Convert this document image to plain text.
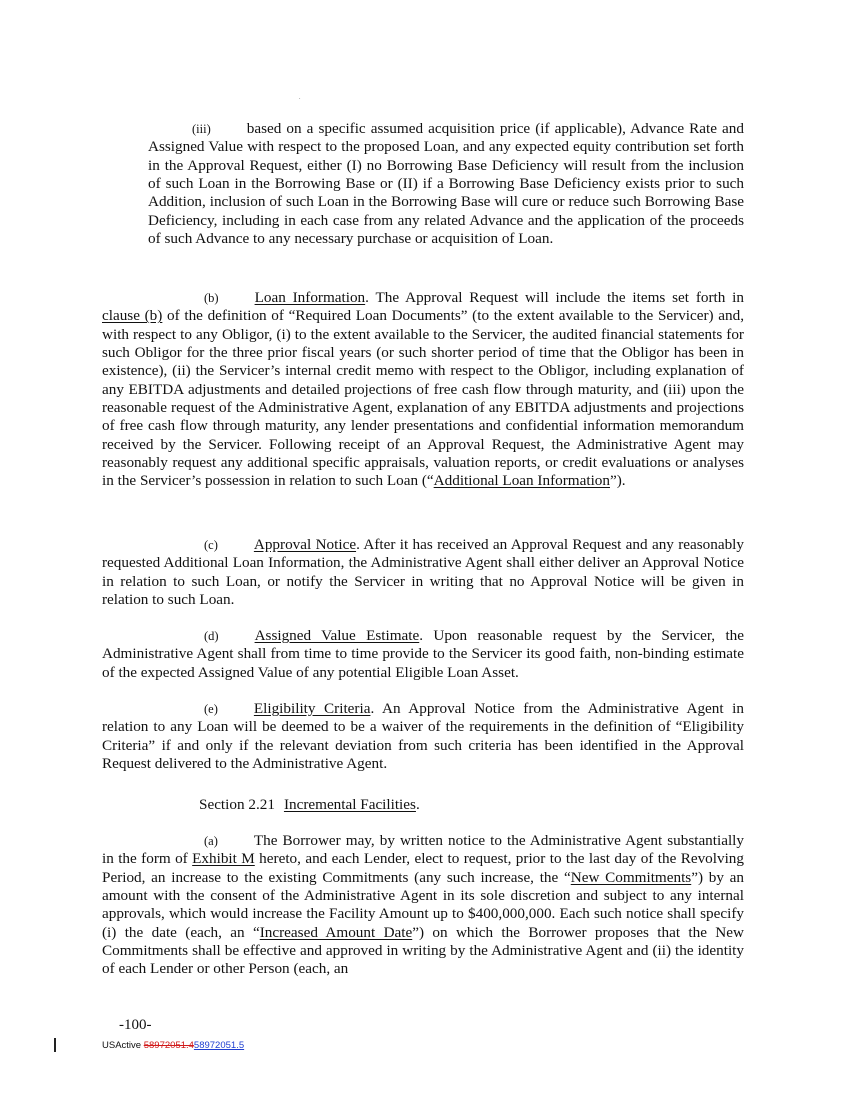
.

(iii) based on a specific assumed acquisition price (if applicable), Advance Rate and Assigned Value with respect to the proposed Loan, and any expected equity contribution set forth in the Approval Request, either (I) no Borrowing Base Deficiency will result from the inclusion of such Loan in the Borrowing Base or (II) if a Borrowing Base Deficiency exists prior to such Addition, inclusion of such Loan in the Borrowing Base will cure or reduce such Borrowing Base Deficiency, including in each case from any related Advance and the application of the proceeds of such Advance to any necessary purchase or acquisition of Loan.

(b) Loan Information. The Approval Request will include the items set forth in clause (b) of the definition of “Required Loan Documents” (to the extent available to the Servicer) and, with respect to any Obligor, (i) to the extent available to the Servicer, the audited financial statements for such Obligor for the three prior fiscal years (or such shorter period of time that the Obligor has been in existence), (ii) the Servicer’s internal credit memo with respect to the Obligor, including explanation of any EBITDA adjustments and detailed projections of free cash flow through maturity, and (iii) upon the reasonable request of the Administrative Agent, explanation of any EBITDA adjustments and projections of free cash flow through maturity, any lender presentations and confidential information memorandum received by the Servicer. Following receipt of an Approval Request, the Administrative Agent may reasonably request any additional specific appraisals, valuation reports, or credit evaluations or analyses in the Servicer’s possession in relation to such Loan (“Additional Loan Information”).

(c) Approval Notice. After it has received an Approval Request and any reasonably requested Additional Loan Information, the Administrative Agent shall either deliver an Approval Notice in relation to such Loan, or notify the Servicer in writing that no Approval Notice will be given in relation to such Loan.

(d) Assigned Value Estimate. Upon reasonable request by the Servicer, the Administrative Agent shall from time to time provide to the Servicer its good faith, non-binding estimate of the expected Assigned Value of any potential Eligible Loan Asset.

(e) Eligibility Criteria. An Approval Notice from the Administrative Agent in relation to any Loan will be deemed to be a waiver of the requirements in the definition of “Eligibility Criteria” if and only if the relevant deviation from such criteria has been identified in the Approval Request delivered to the Administrative Agent.

Section 2.21 Incremental Facilities.

(a) The Borrower may, by written notice to the Administrative Agent substantially in the form of Exhibit M hereto, and each Lender, elect to request, prior to the last day of the Revolving Period, an increase to the existing Commitments (any such increase, the “New Commitments”) by an amount with the consent of the Administrative Agent in its sole discretion and subject to any internal approvals, which would increase the Facility Amount up to $400,000,000. Each such notice shall specify (i) the date (each, an “Increased Amount Date”) on which the Borrower proposes that the New Commitments shall be effective and approved in writing by the Administrative Agent and (ii) the identity of each Lender or other Person (each, an

-100-
USActive 58972051.458972051.5
